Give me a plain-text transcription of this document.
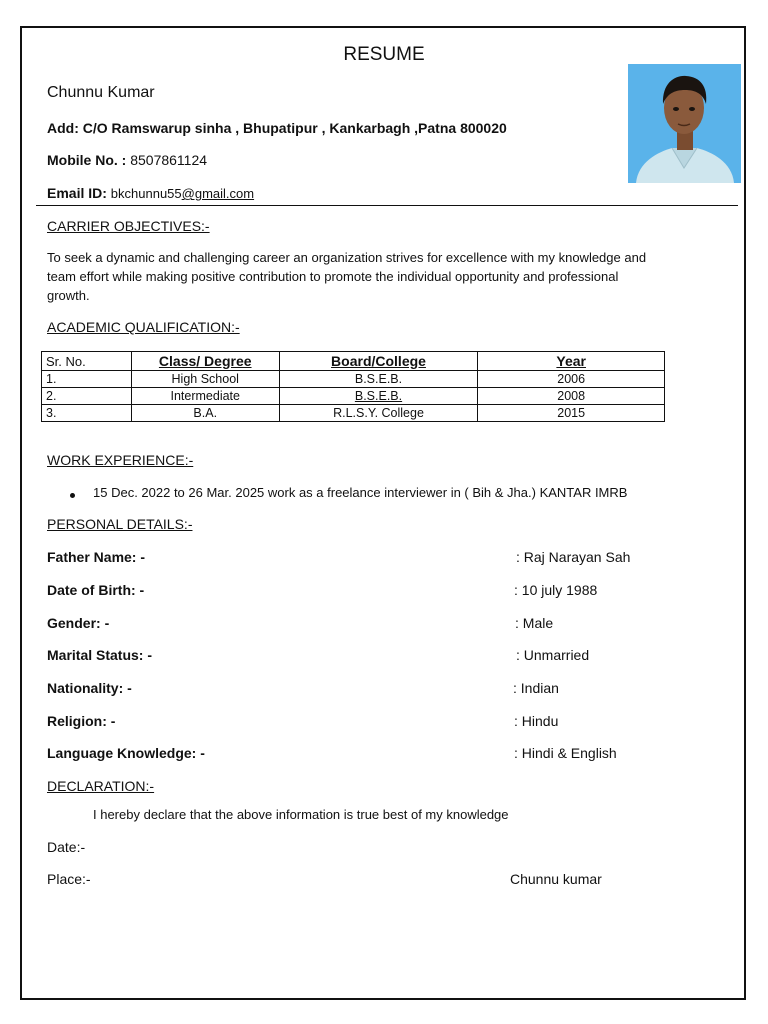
RESUME
Chunnu Kumar
Add: C/O Ramswarup sinha , Bhupatipur , Kankarbagh ,Patna 800020
Mobile No. : 8507861124
Email ID: bkchunnu55@gmail.com
CARRIER OBJECTIVES:-
To seek a dynamic and challenging career an organization strives for excellence with my knowledge and
team effort while making positive contribution to promote the individual opportunity and professional
growth.
ACADEMIC QUALIFICATION:-
Sr. No.	Class/ Degree	Board/College	Year
1.	High School	B.S.E.B.	2006
2.	Intermediate	B.S.E.B.	2008
3.	B.A.	R.L.S.Y. College	2015
WORK EXPERIENCE:-
15 Dec. 2022 to 26 Mar. 2025 work as a freelance interviewer in ( Bih & Jha.) KANTAR IMRB
PERSONAL DETAILS:-
Father Name: -	: Raj Narayan Sah
Date of Birth: -	: 10 july 1988
Gender: -	: Male
Marital Status: -	: Unmarried
Nationality: -	: Indian
Religion: -	: Hindu
Language Knowledge: -	: Hindi & English
DECLARATION:-
I hereby declare that the above information is true best of my knowledge
Date:-
Place:-	Chunnu kumar
